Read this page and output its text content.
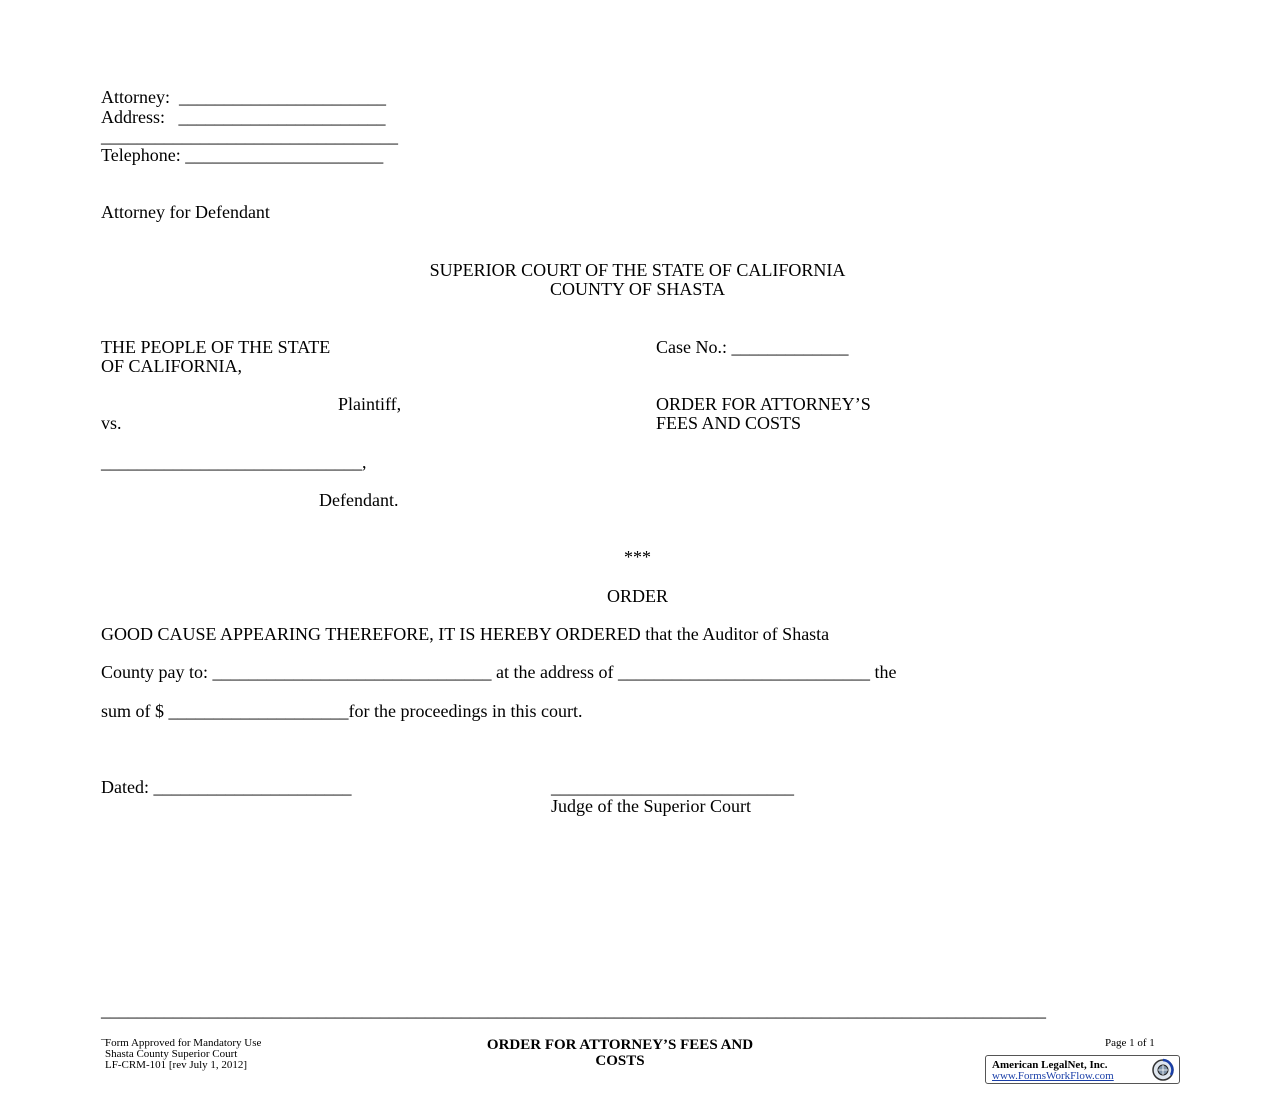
Attorney:  _______________________
Address:   _______________________
_________________________________
Telephone: ______________________
Attorney for Defendant
SUPERIOR COURT OF THE STATE OF CALIFORNIA
COUNTY OF SHASTA
THE PEOPLE OF THE STATE
OF CALIFORNIA,
Plaintiff,
vs.
_____________________________,
Defendant.
Case No.: _____________
ORDER FOR ATTORNEY’S
FEES AND COSTS
***
ORDER
GOOD CAUSE APPEARING THEREFORE, IT IS HEREBY ORDERED that the Auditor of Shasta
County pay to: _______________________________ at the address of ____________________________ the
sum of $ ____________________for the proceedings in this court.
Dated: ______________________	___________________________
Judge of the Superior Court
_________________________________________________________________________________________________________
_
Form Approved for Mandatory Use
Shasta County Superior Court
LF-CRM-101 [rev July 1, 2012]
ORDER FOR ATTORNEY’S FEES AND
COSTS
Page 1 of 1
American LegalNet, Inc.
www.FormsWorkFlow.com
